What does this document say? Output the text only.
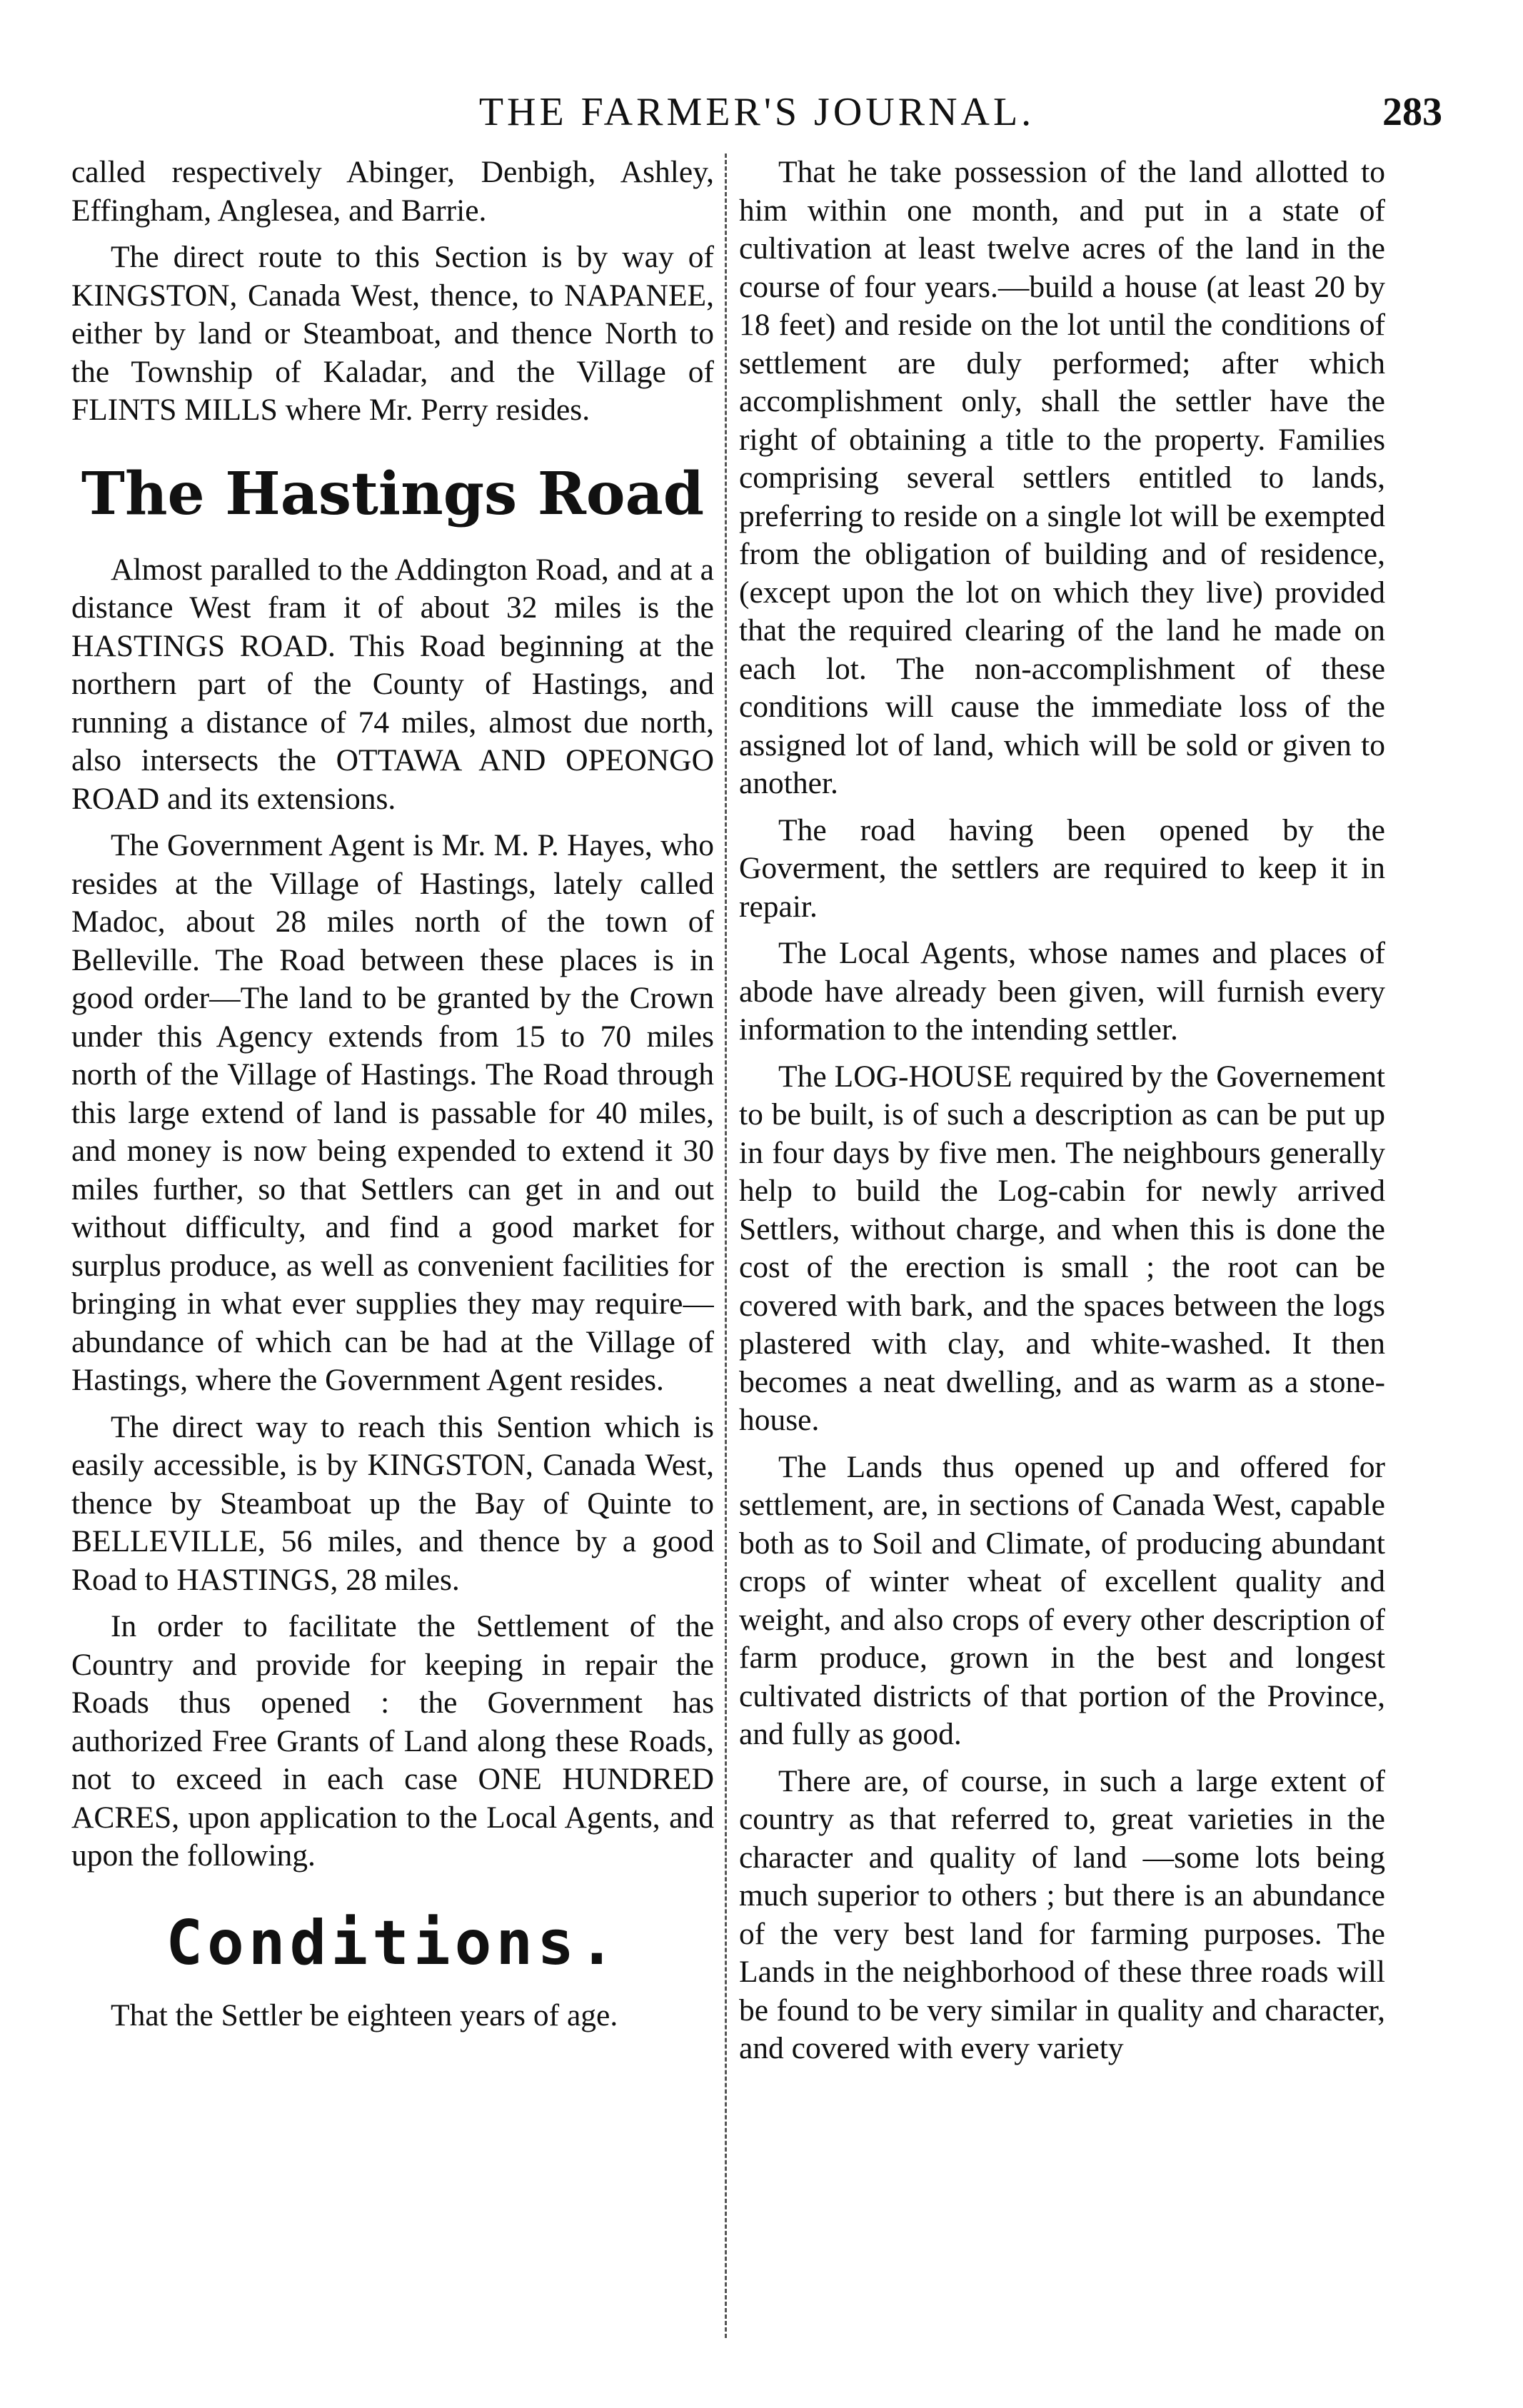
THE FARMER'S JOURNAL.	283

called respectively Abinger, Denbigh, Ashley, Effingham, Anglesea, and Barrie.

The direct route to this Section is by way of KINGSTON, Canada West, thence, to NAPANEE, either by land or Steamboat, and thence North to the Township of Kaladar, and the Village of FLINTS MILLS where Mr. Perry resides.

The Hastings Road

Almost paralled to the Addington Road, and at a distance West fram it of about 32 miles is the HASTINGS ROAD. This Road beginning at the northern part of the County of Hastings, and running a distance of 74 miles, almost due north, also intersects the OTTAWA AND OPEONGO ROAD and its extensions.

The Government Agent is Mr. M. P. Hayes, who resides at the Village of Hastings, lately called Madoc, about 28 miles north of the town of Belleville. The Road between these places is in good order—The land to be granted by the Crown under this Agency extends from 15 to 70 miles north of the Village of Hastings. The Road through this large extend of land is passable for 40 miles, and money is now being expended to extend it 30 miles further, so that Settlers can get in and out without difficulty, and find a good market for surplus produce, as well as convenient facilities for bringing in what ever supplies they may require—abundance of which can be had at the Village of Hastings, where the Government Agent resides.

The direct way to reach this Sention which is easily accessible, is by KINGSTON, Canada West, thence by Steamboat up the Bay of Quinte to BELLEVILLE, 56 miles, and thence by a good Road to HASTINGS, 28 miles.

In order to facilitate the Settlement of the Country and provide for keeping in repair the Roads thus opened : the Government has authorized Free Grants of Land along these Roads, not to exceed in each case ONE HUNDRED ACRES, upon application to the Local Agents, and upon the following.

Conditions.

That the Settler be eighteen years of age.

That he take possession of the land allotted to him within one month, and put in a state of cultivation at least twelve acres of the land in the course of four years.—build a house (at least 20 by 18 feet) and reside on the lot until the conditions of settlement are duly performed; after which accomplishment only, shall the settler have the right of obtaining a title to the property. Families comprising several settlers entitled to lands, preferring to reside on a single lot will be exempted from the obligation of building and of residence, (except upon the lot on which they live) provided that the required clearing of the land he made on each lot. The non-accomplishment of these conditions will cause the immediate loss of the assigned lot of land, which will be sold or given to another.

The road having been opened by the Goverment, the settlers are required to keep it in repair.

The Local Agents, whose names and places of abode have already been given, will furnish every information to the intending settler.

The LOG-HOUSE required by the Governement to be built, is of such a description as can be put up in four days by five men. The neighbours generally help to build the Log-cabin for newly arrived Settlers, without charge, and when this is done the cost of the erection is small ; the root can be covered with bark, and the spaces between the logs plastered with clay, and white-washed. It then becomes a neat dwelling, and as warm as a stone-house.

The Lands thus opened up and offered for settlement, are, in sections of Canada West, capable both as to Soil and Climate, of producing abundant crops of winter wheat of excellent quality and weight, and also crops of every other description of farm produce, grown in the best and longest cultivated districts of that portion of the Province, and fully as good.

There are, of course, in such a large extent of country as that referred to, great varieties in the character and quality of land —some lots being much superior to others ; but there is an abundance of the very best land for farming purposes. The Lands in the neighborhood of these three roads will be found to be very similar in quality and character, and covered with every variety
